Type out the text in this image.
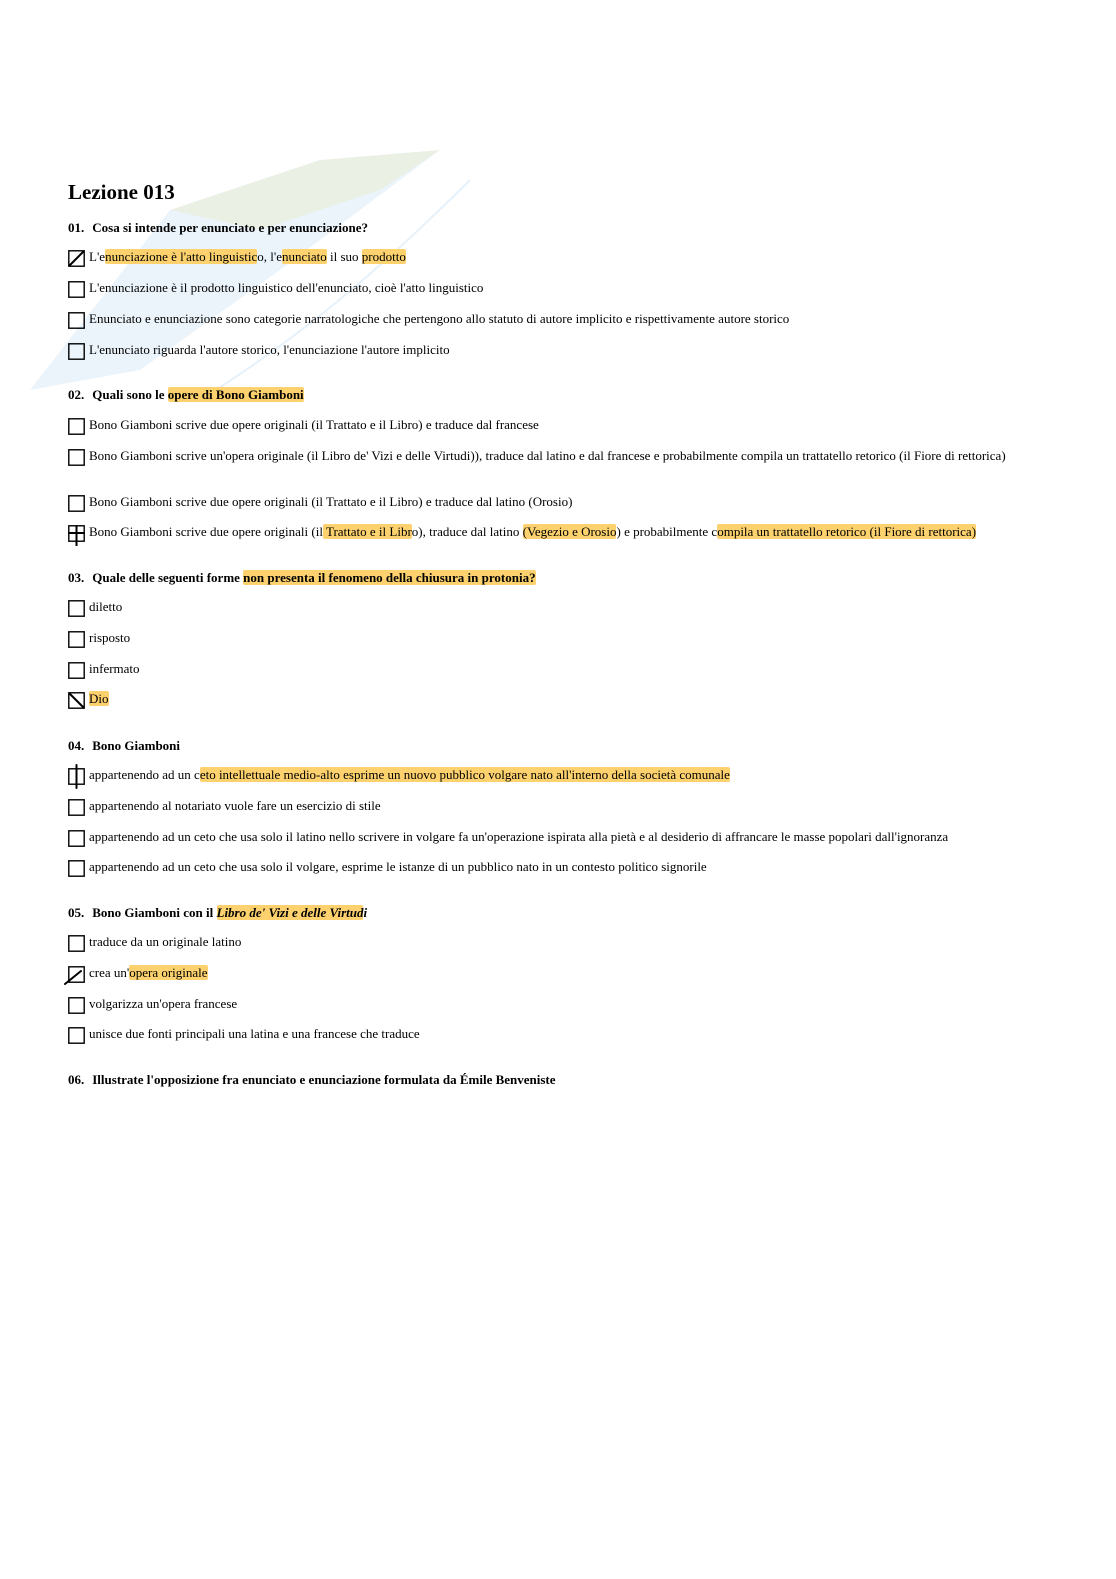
Lezione 013
01. Cosa si intende per enunciato e per enunciazione?
L'enunciazione è l'atto linguistico, l'enunciato il suo prodotto
L'enunciazione è il prodotto linguistico dell'enunciato, cioè l'atto linguistico
Enunciato e enunciazione sono categorie narratologiche che pertengono allo statuto di autore implicito e rispettivamente autore storico
L'enunciato riguarda l'autore storico, l'enunciazione l'autore implicito
02. Quali sono le opere di Bono Giamboni
Bono Giamboni scrive due opere originali (il Trattato e il Libro) e traduce dal francese
Bono Giamboni scrive un'opera originale (il Libro de' Vizi e delle Virtudi)), traduce dal latino e dal francese e probabilmente compila un trattatello retorico (il Fiore di rettorica)
Bono Giamboni scrive due opere originali (il Trattato e il Libro) e traduce dal latino (Orosio)
Bono Giamboni scrive due opere originali (il Trattato e il Libro), traduce dal latino (Vegezio e Orosio) e probabilmente compila un trattatello retorico (il Fiore di rettorica)
03. Quale delle seguenti forme non presenta il fenomeno della chiusura in protonia?
diletto
risposto
infermato
Dio
04. Bono Giamboni
appartenendo ad un ceto intellettuale medio-alto esprime un nuovo pubblico volgare nato all'interno della società comunale
appartenendo al notariato vuole fare un esercizio di stile
appartenendo ad un ceto che usa solo il latino nello scrivere in volgare fa un'operazione ispirata alla pietà e al desiderio di affrancare le masse popolari dall'ignoranza
appartenendo ad un ceto che usa solo il volgare, esprime le istanze di un pubblico nato in un contesto politico signorile
05. Bono Giamboni con il Libro de' Vizi e delle Virtudi
traduce da un originale latino
crea un'opera originale
volgarizza un'opera francese
unisce due fonti principali una latina e una francese che traduce
06. Illustrate l'opposizione fra enunciato e enunciazione formulata da Émile Benveniste
